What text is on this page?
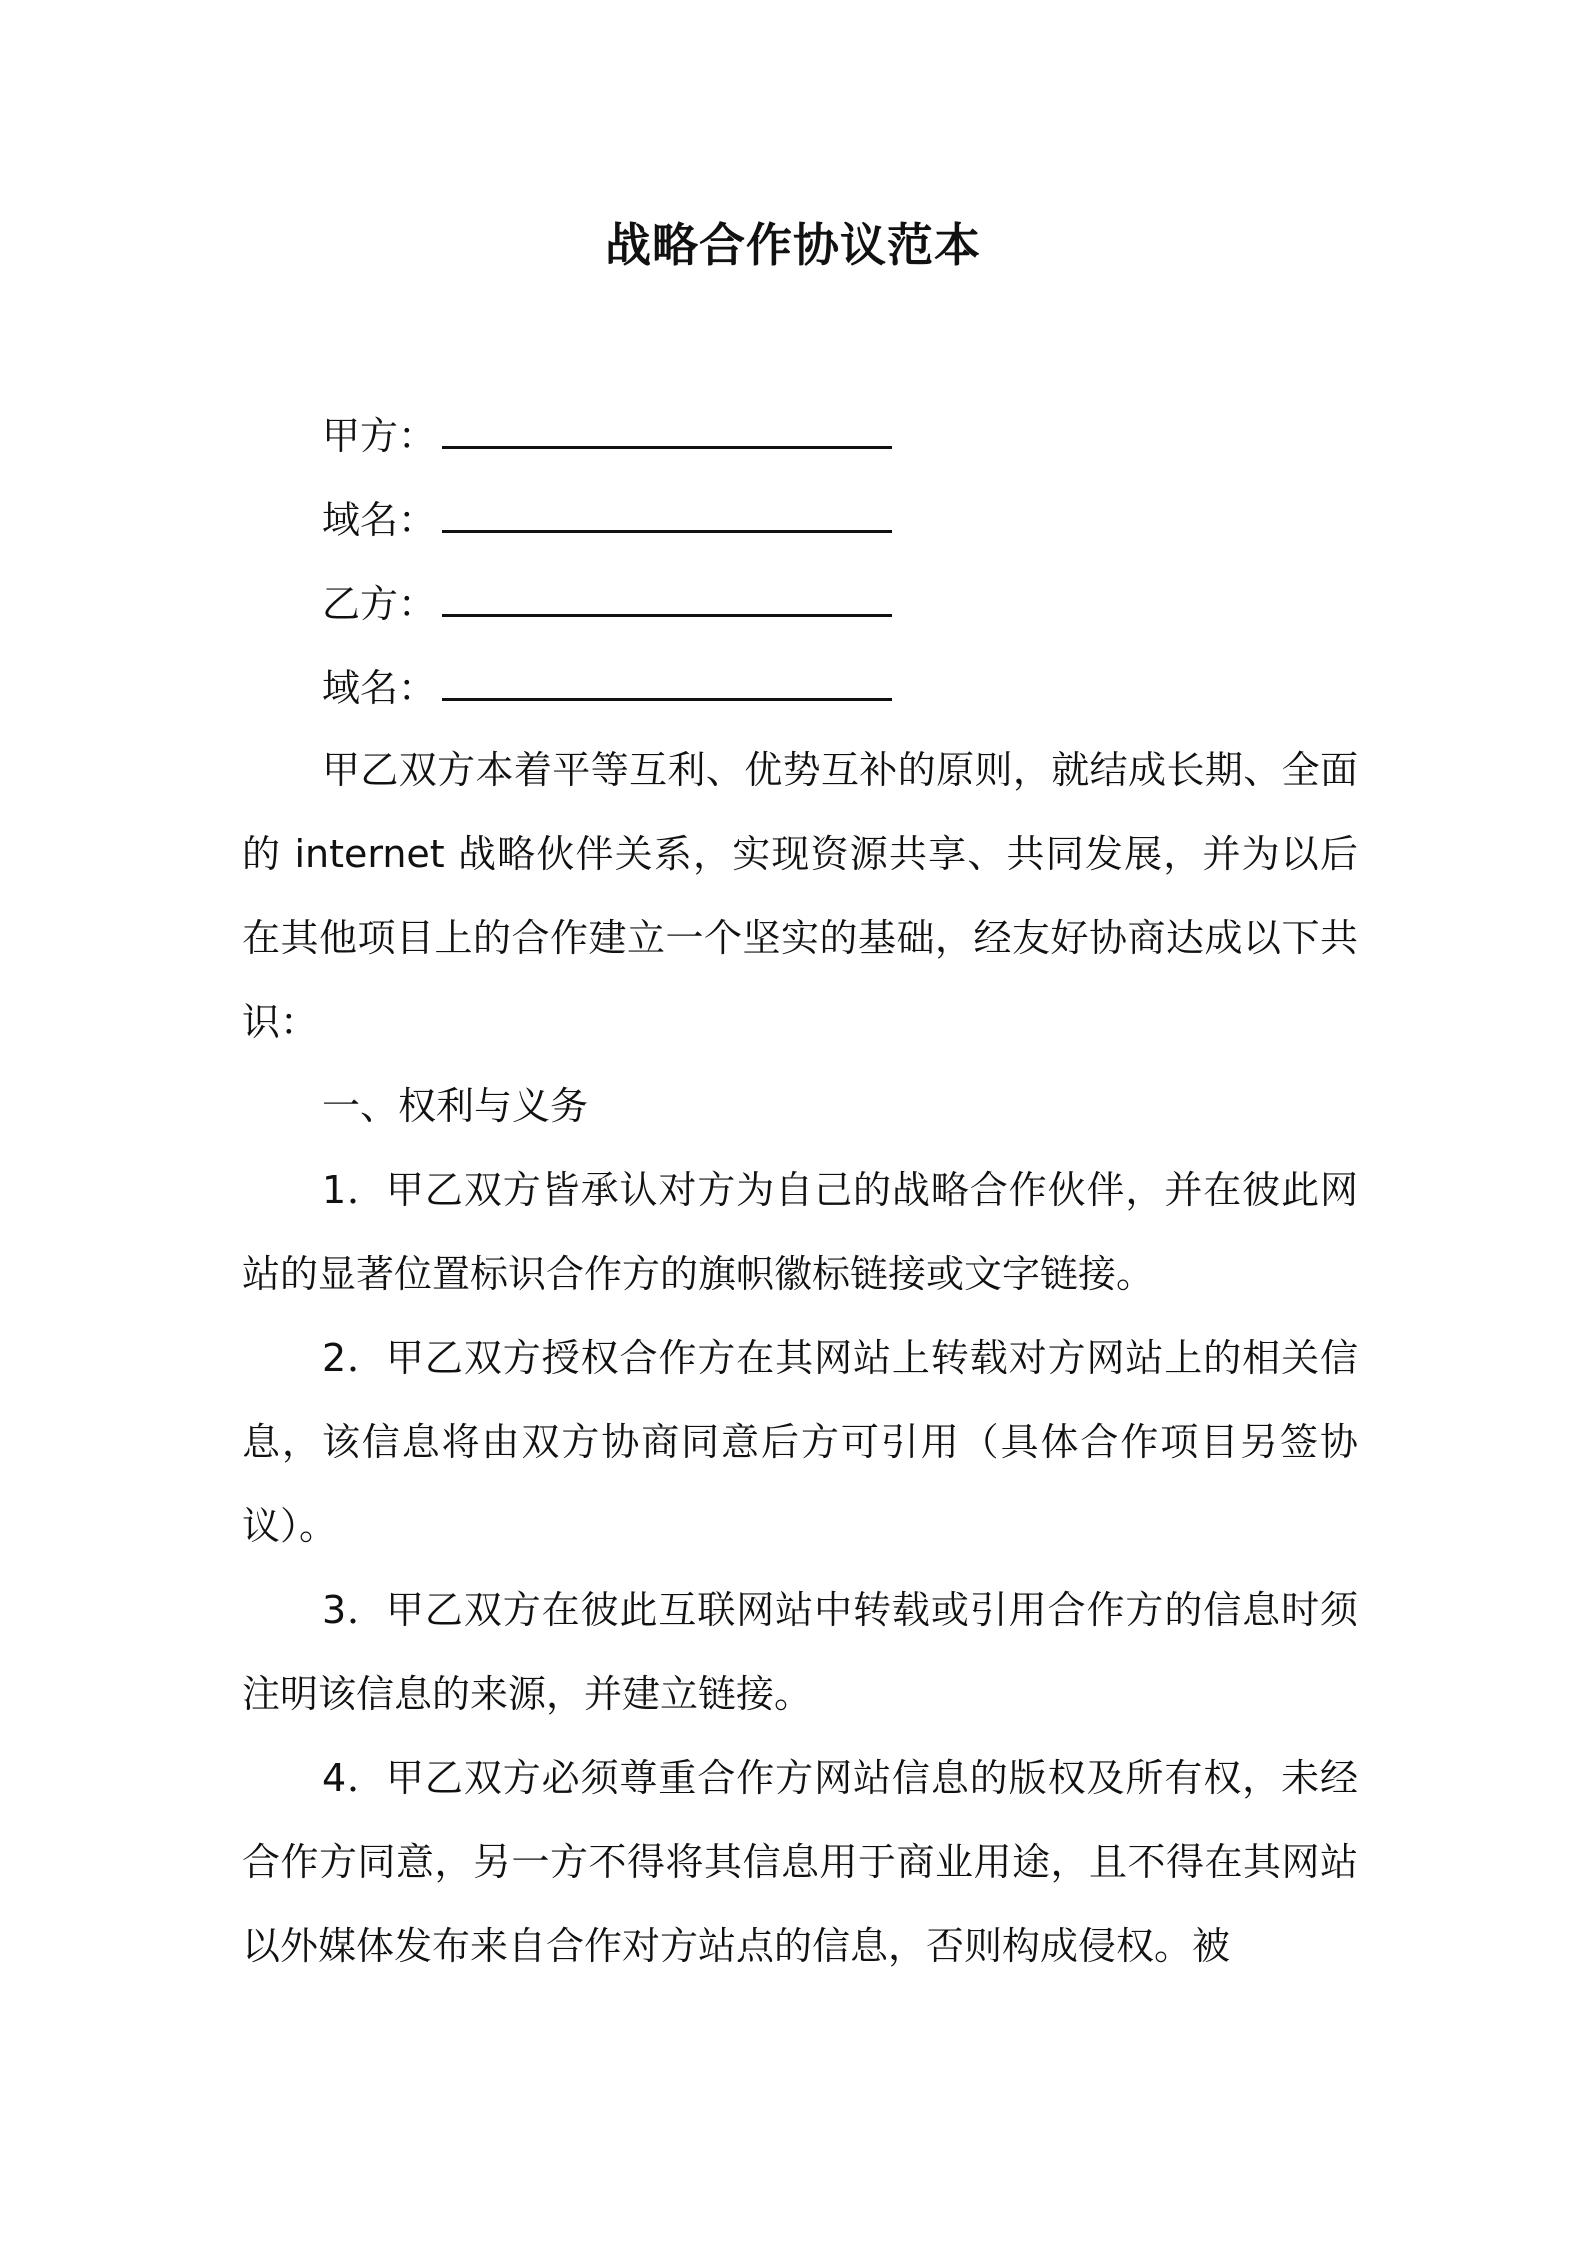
战略合作协议范本
甲方：
域名：
乙方：
域名：

甲乙双方本着平等互利、优势互补的原则，就结成长期、全面的 internet 战略伙伴关系，实现资源共享、共同发展，并为以后在其他项目上的合作建立一个坚实的基础，经友好协商达成以下共识：

一、权利与义务

1．甲乙双方皆承认对方为自己的战略合作伙伴，并在彼此网站的显著位置标识合作方的旗帜徽标链接或文字链接。

2．甲乙双方授权合作方在其网站上转载对方网站上的相关信息，该信息将由双方协商同意后方可引用（具体合作项目另签协议）。

3．甲乙双方在彼此互联网站中转载或引用合作方的信息时须注明该信息的来源，并建立链接。

4．甲乙双方必须尊重合作方网站信息的版权及所有权，未经合作方同意，另一方不得将其信息用于商业用途，且不得在其网站以外媒体发布来自合作对方站点的信息，否则构成侵权。被
